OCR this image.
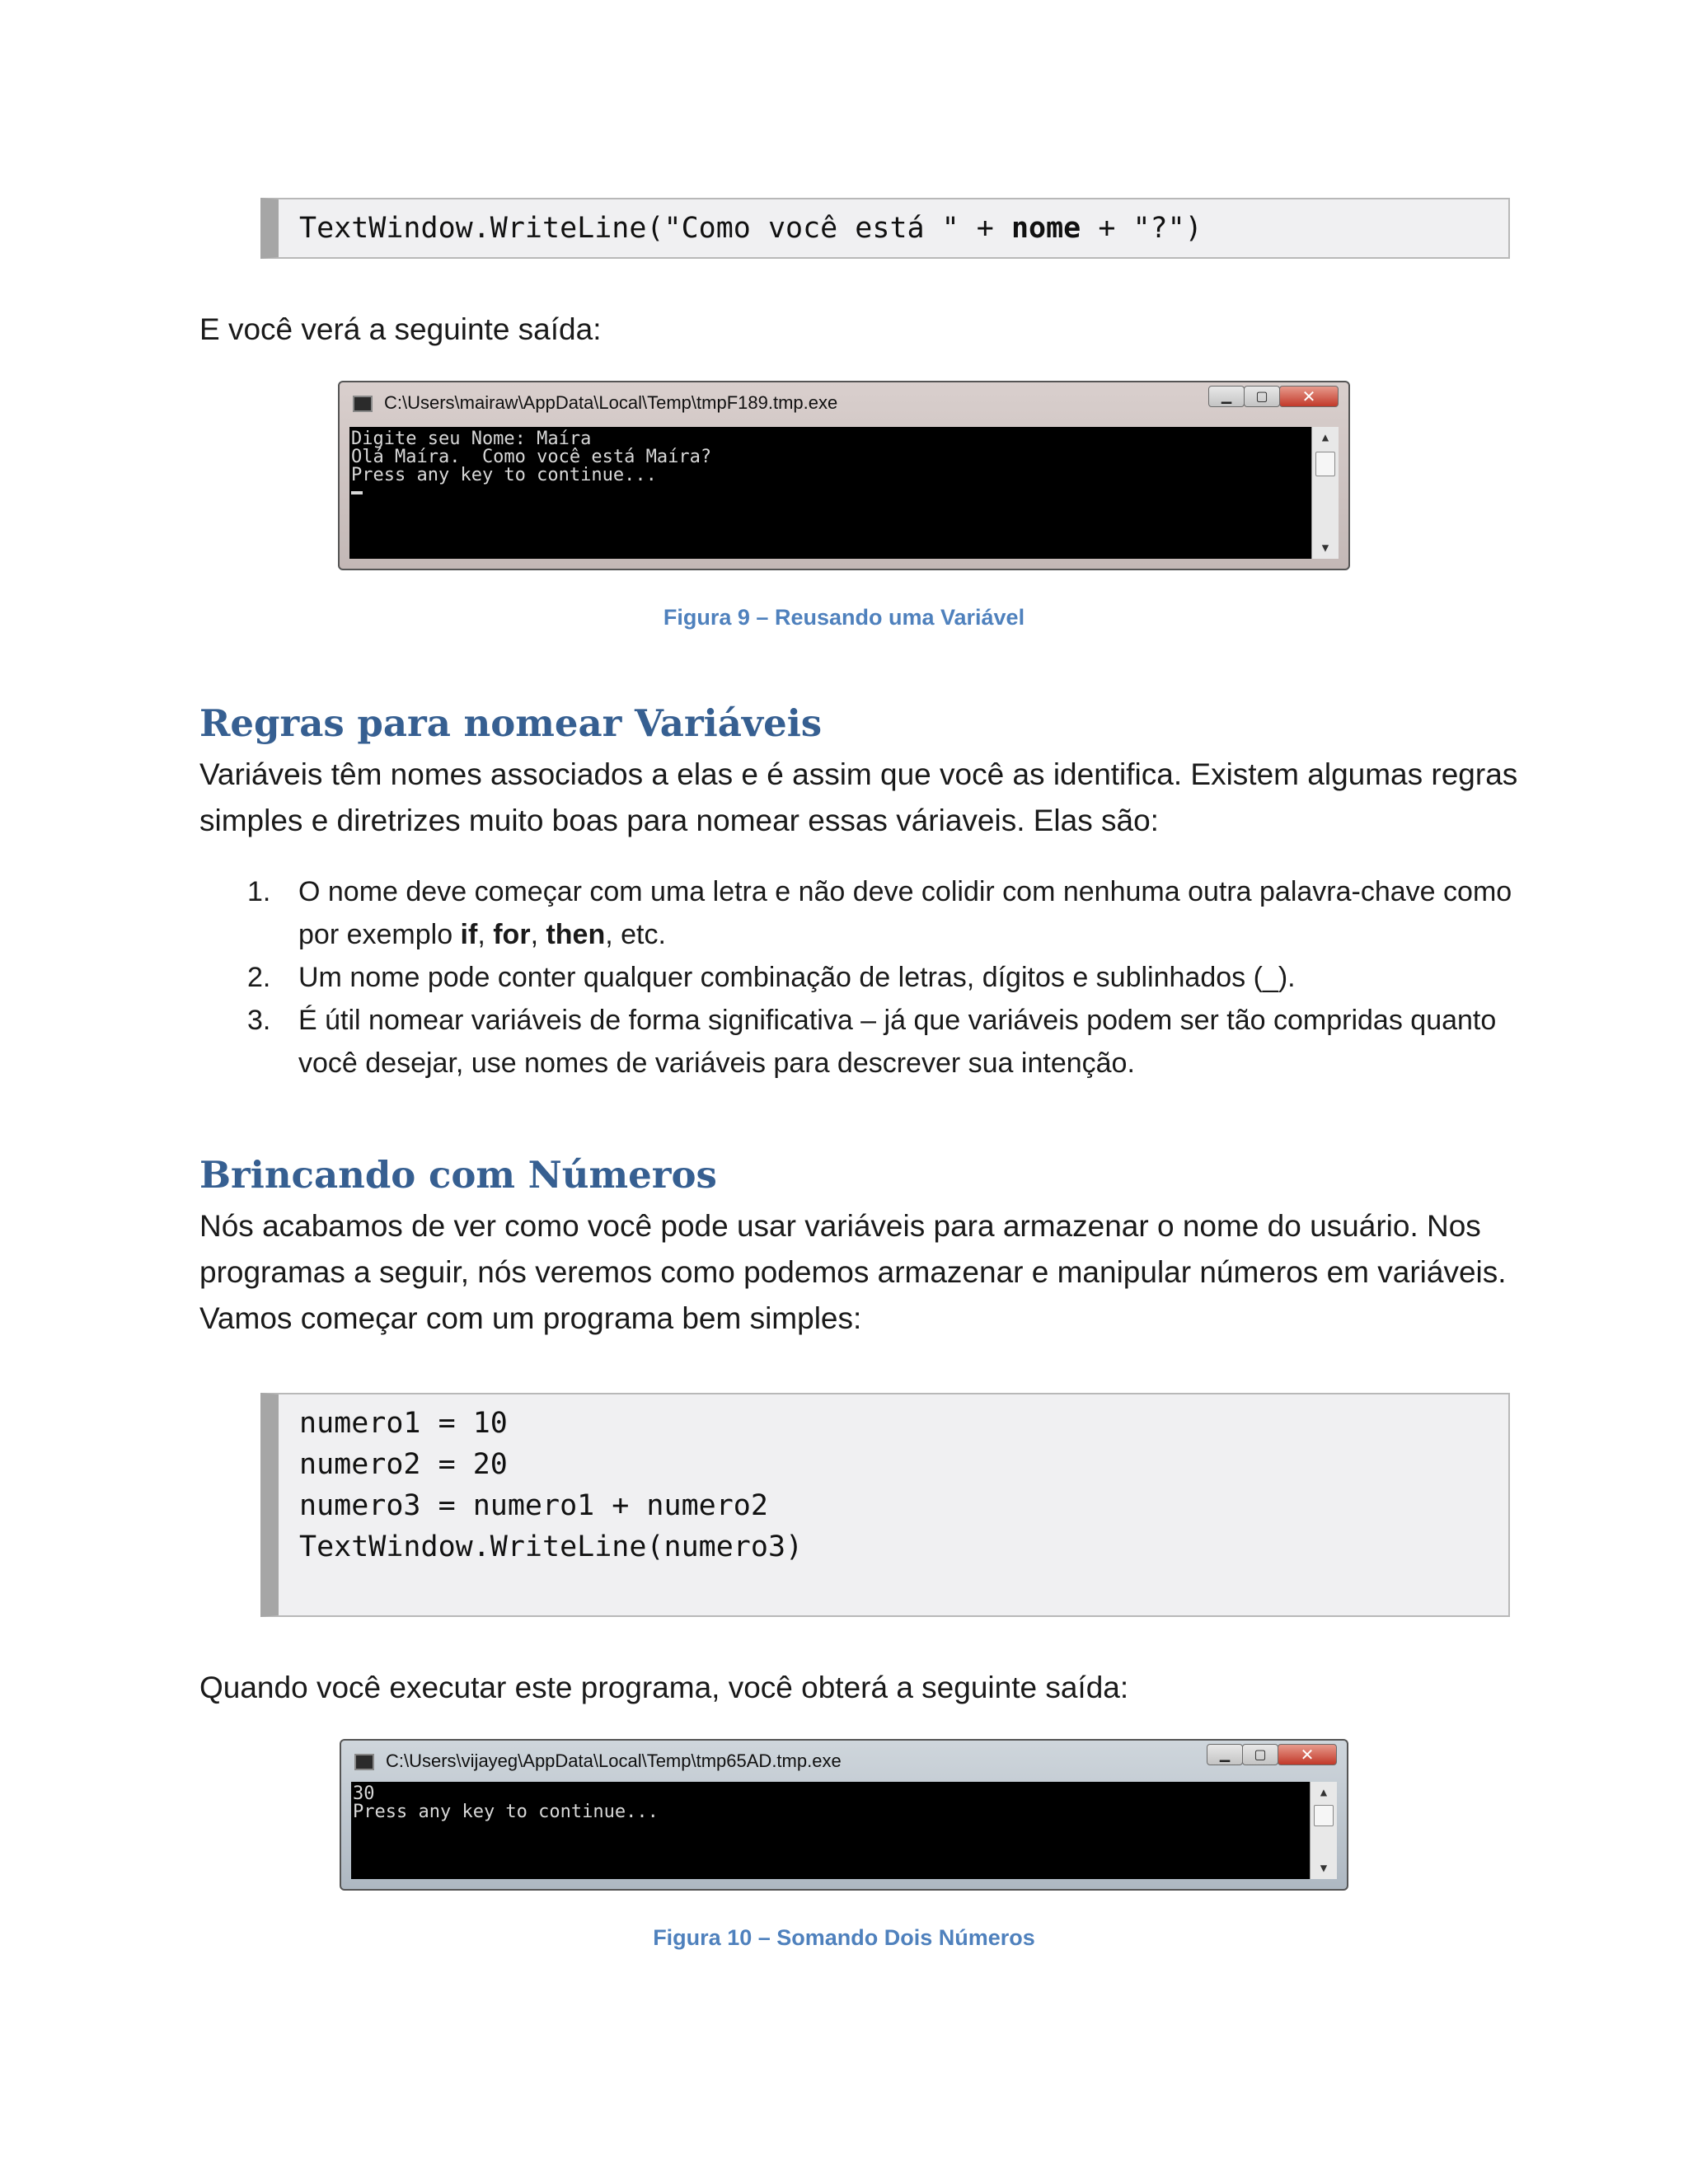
TextWindow.WriteLine("Como você está " + nome + "?")
E você verá a seguinte saída:
C:\Users\mairaw\AppData\Local\Temp\tmpF189.tmp.exe	▁	▢	✕
Digite seu Nome: Maíra
Olá Maíra.  Como você está Maíra?
Press any key to continue...
▲
▼
Figura 9 – Reusando uma Variável
Regras para nomear Variáveis
Variáveis têm nomes associados a elas e é assim que você as identifica. Existem algumas regras simples e diretrizes muito boas para nomear essas váriaveis. Elas são:
1. O nome deve começar com uma letra e não deve colidir com nenhuma outra palavra-chave como por exemplo if, for, then, etc.
2. Um nome pode conter qualquer combinação de letras, dígitos e sublinhados (_).
3. É útil nomear variáveis de forma significativa – já que variáveis podem ser tão compridas quanto você desejar, use nomes de variáveis para descrever sua intenção.
Brincando com Números
Nós acabamos de ver como você pode usar variáveis para armazenar o nome do usuário. Nos programas a seguir, nós veremos como podemos armazenar e manipular números em variáveis. Vamos começar com um programa bem simples:
numero1 = 10
numero2 = 20
numero3 = numero1 + numero2
TextWindow.WriteLine(numero3)
Quando você executar este programa, você obterá a seguinte saída:
C:\Users\vijayeg\AppData\Local\Temp\tmp65AD.tmp.exe	▁	▢	✕
30
Press any key to continue...
▲
▼
Figura 10 – Somando Dois Números
